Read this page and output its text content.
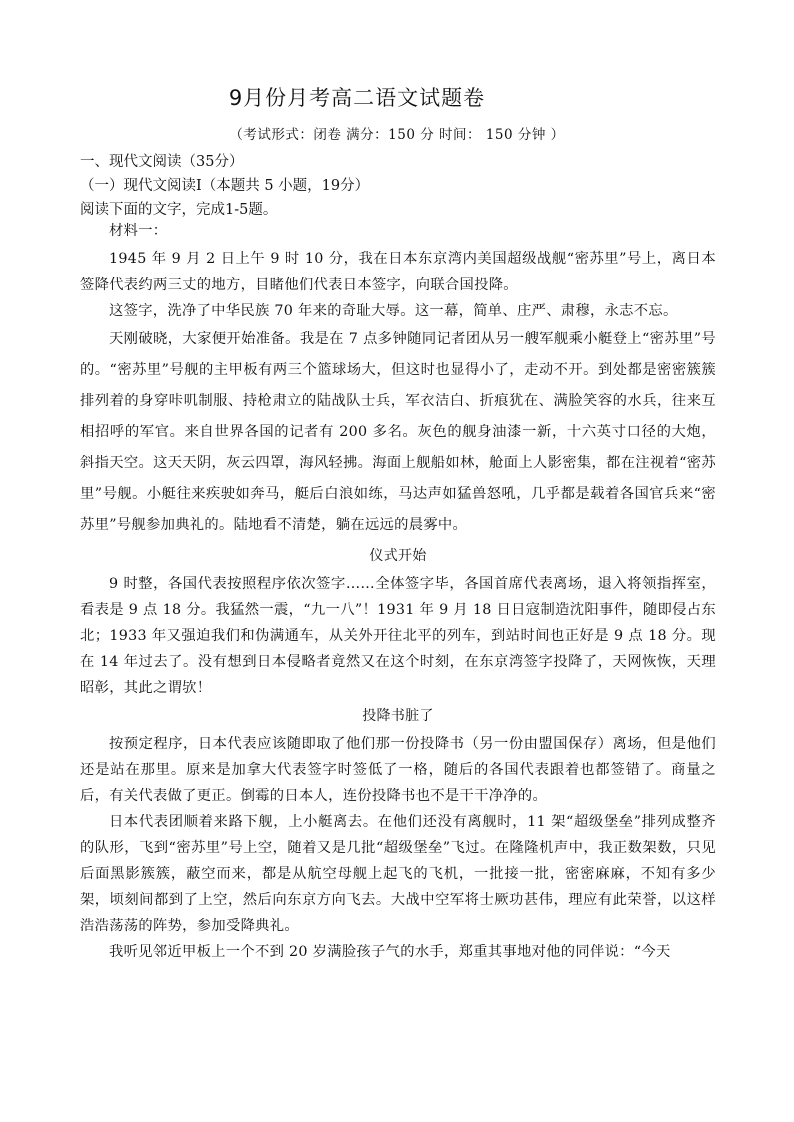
9月份月考高二语文试题卷
（考试形式：闭卷 满分：150 分 时间： 150 分钟 ）
一、现代文阅读（35分）
（一）现代文阅读Ⅰ（本题共 5 小题，19分）
阅读下面的文字，完成1-5题。

材料一：

1945 年 9 月 2 日上午 9 时 10 分，我在日本东京湾内美国超级战舰“密苏里”号上，离日本签降代表约两三丈的地方，目睹他们代表日本签字，向联合国投降。

这签字，洗净了中华民族 70 年来的奇耻大辱。这一幕，简单、庄严、肃穆，永志不忘。

天刚破晓，大家便开始准备。我是在 7 点多钟随同记者团从另一艘军舰乘小艇登上“密苏里”号的。“密苏里”号舰的主甲板有两三个篮球场大，但这时也显得小了，走动不开。到处都是密密簇簇排列着的身穿咔叽制服、持枪肃立的陆战队士兵，军衣洁白、折痕犹在、满脸笑容的水兵，往来互相招呼的军官。来自世界各国的记者有 200 多名。灰色的舰身油漆一新，十六英寸口径的大炮，斜指天空。这天天阴，灰云四罩，海风轻拂。海面上舰船如林，舱面上人影密集，都在注视着“密苏里”号舰。小艇往来疾驶如奔马，艇后白浪如练，马达声如猛兽怒吼，几乎都是载着各国官兵来“密苏里”号舰参加典礼的。陆地看不清楚，躺在远远的晨雾中。

仪式开始

9 时整，各国代表按照程序依次签字……全体签字毕，各国首席代表离场，退入将领指挥室，看表是 9 点 18 分。我猛然一震，“九一八”！1931 年 9 月 18 日日寇制造沈阳事件，随即侵占东北；1933 年又强迫我们和伪满通车，从关外开往北平的列车，到站时间也正好是 9 点 18 分。现在 14 年过去了。没有想到日本侵略者竟然又在这个时刻，在东京湾签字投降了，天网恢恢，天理昭彰，其此之谓欤！

投降书脏了

按预定程序，日本代表应该随即取了他们那一份投降书（另一份由盟国保存）离场，但是他们还是站在那里。原来是加拿大代表签字时签低了一格，随后的各国代表跟着也都签错了。商量之后，有关代表做了更正。倒霉的日本人，连份投降书也不是干干净净的。

日本代表团顺着来路下舰，上小艇离去。在他们还没有离舰时，11 架“超级堡垒”排列成整齐的队形，飞到“密苏里”号上空，随着又是几批“超级堡垒”飞过。在隆隆机声中，我正数架数，只见后面黑影簇簇，蔽空而来，都是从航空母舰上起飞的飞机，一批接一批，密密麻麻，不知有多少架，顷刻间都到了上空，然后向东京方向飞去。大战中空军将士厥功甚伟，理应有此荣誉，以这样浩浩荡荡的阵势，参加受降典礼。

我听见邻近甲板上一个不到 20 岁满脸孩子气的水手，郑重其事地对他的同伴说：“今天
